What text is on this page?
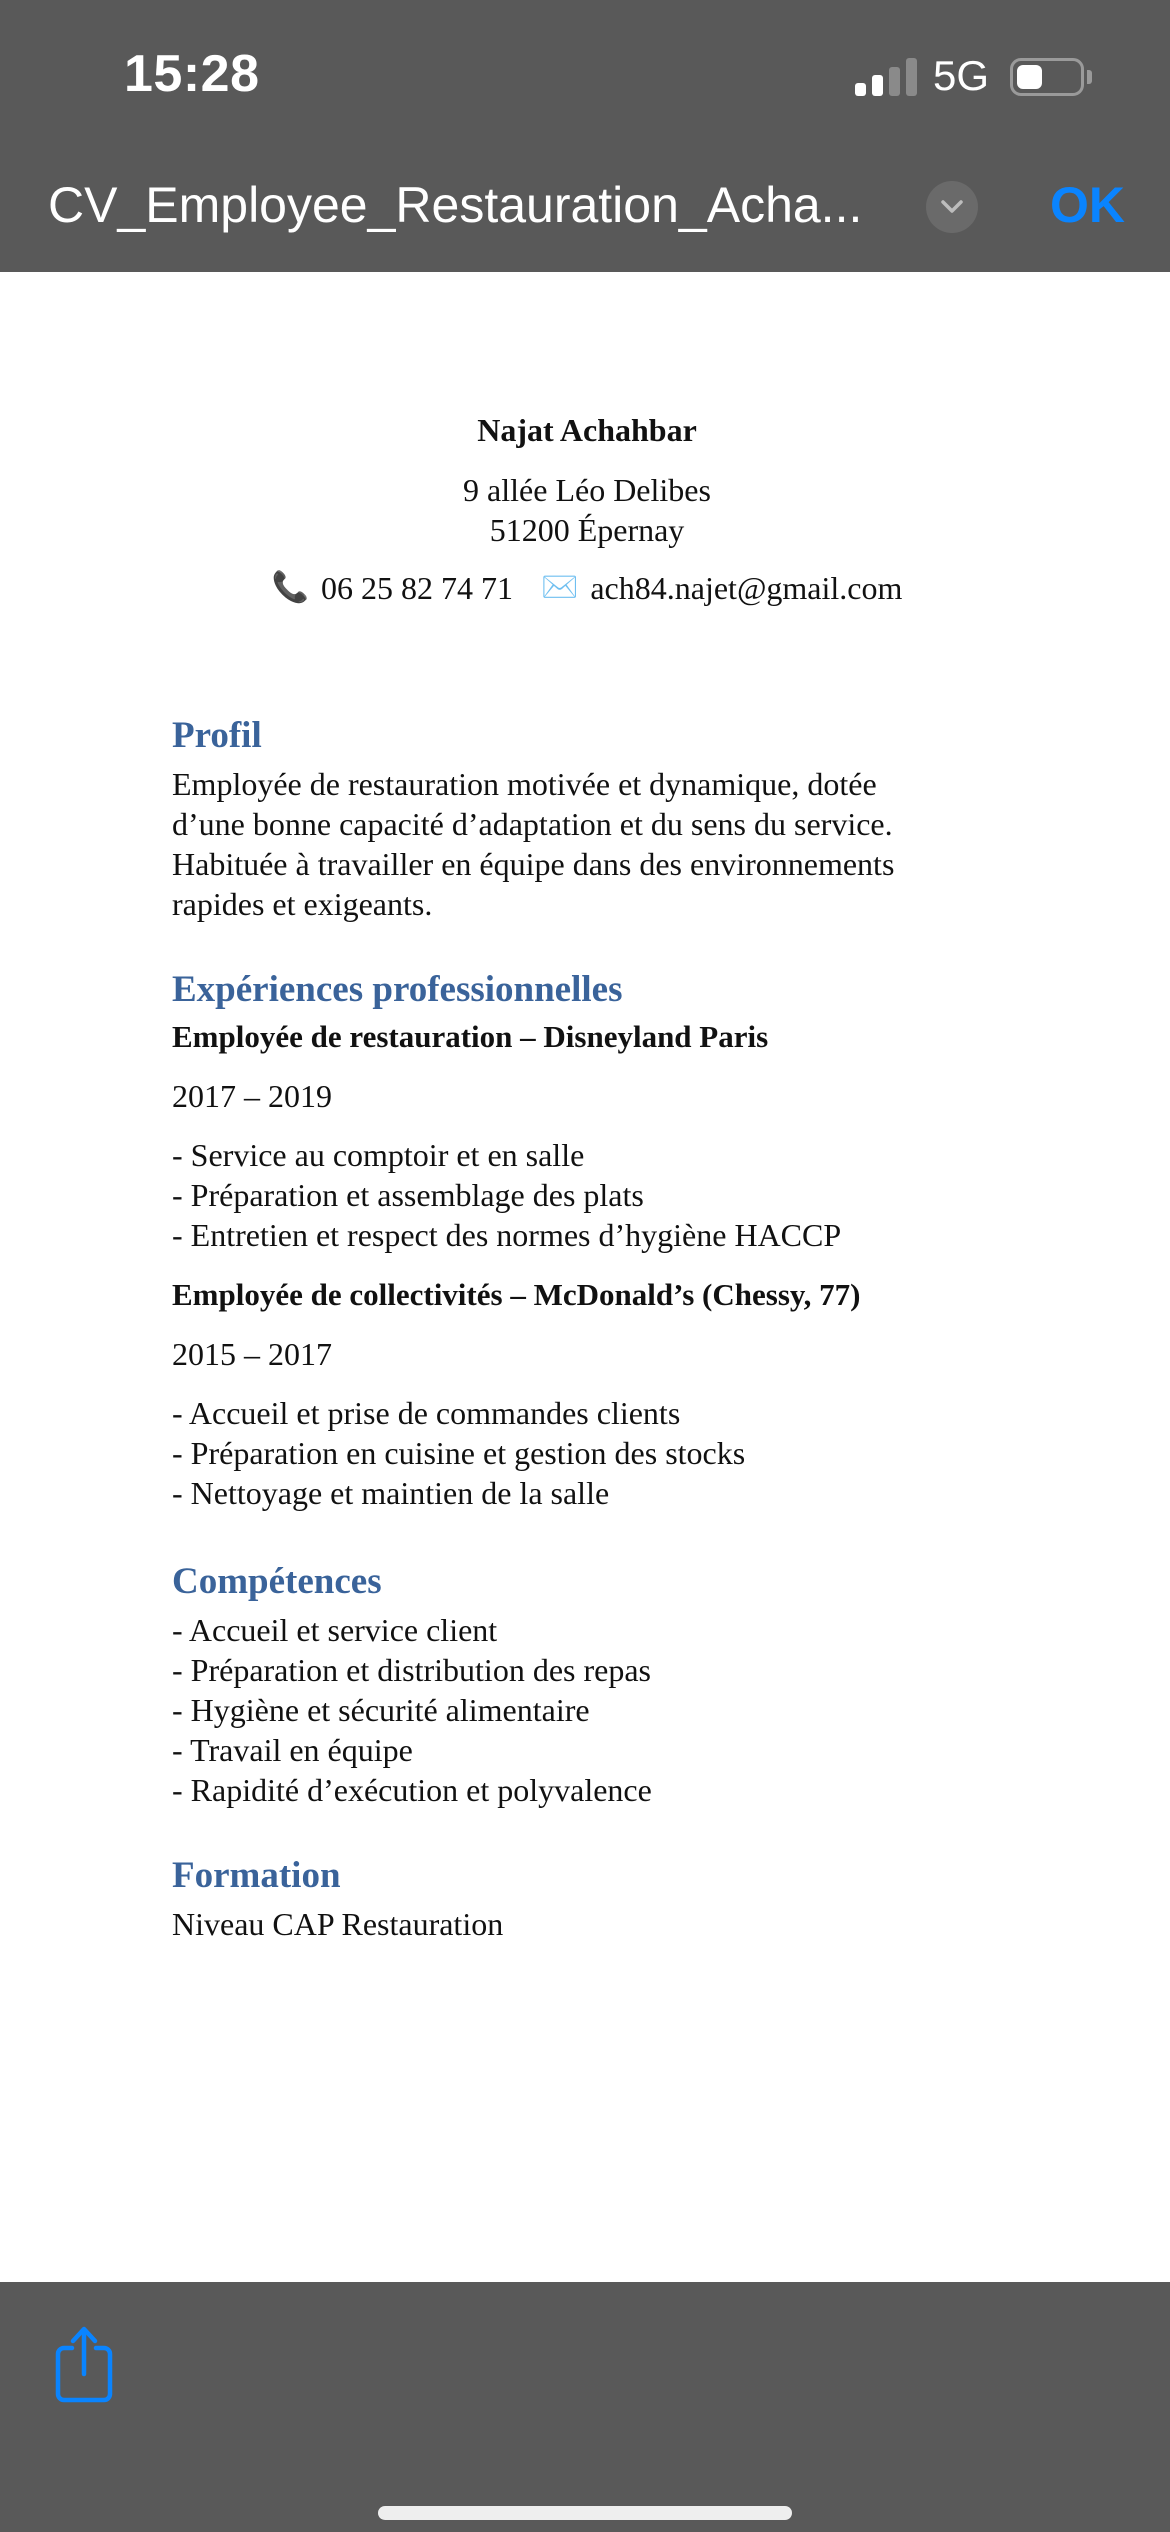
15:28	5G
CV_Employee_Restauration_Acha...	OK
Najat Achahbar
9 allée Léo Delibes
51200 Épernay
📞 06 25 82 74 71 ✉️ ach84.najet@gmail.com
Profil
Employée de restauration motivée et dynamique, dotée
d’une bonne capacité d’adaptation et du sens du service.
Habituée à travailler en équipe dans des environnements
rapides et exigeants.
Expériences professionnelles
Employée de restauration – Disneyland Paris
2017 – 2019
- Service au comptoir et en salle
- Préparation et assemblage des plats
- Entretien et respect des normes d’hygiène HACCP
Employée de collectivités – McDonald’s (Chessy, 77)
2015 – 2017
- Accueil et prise de commandes clients
- Préparation en cuisine et gestion des stocks
- Nettoyage et maintien de la salle
Compétences
- Accueil et service client
- Préparation et distribution des repas
- Hygiène et sécurité alimentaire
- Travail en équipe
- Rapidité d’exécution et polyvalence
Formation
Niveau CAP Restauration
